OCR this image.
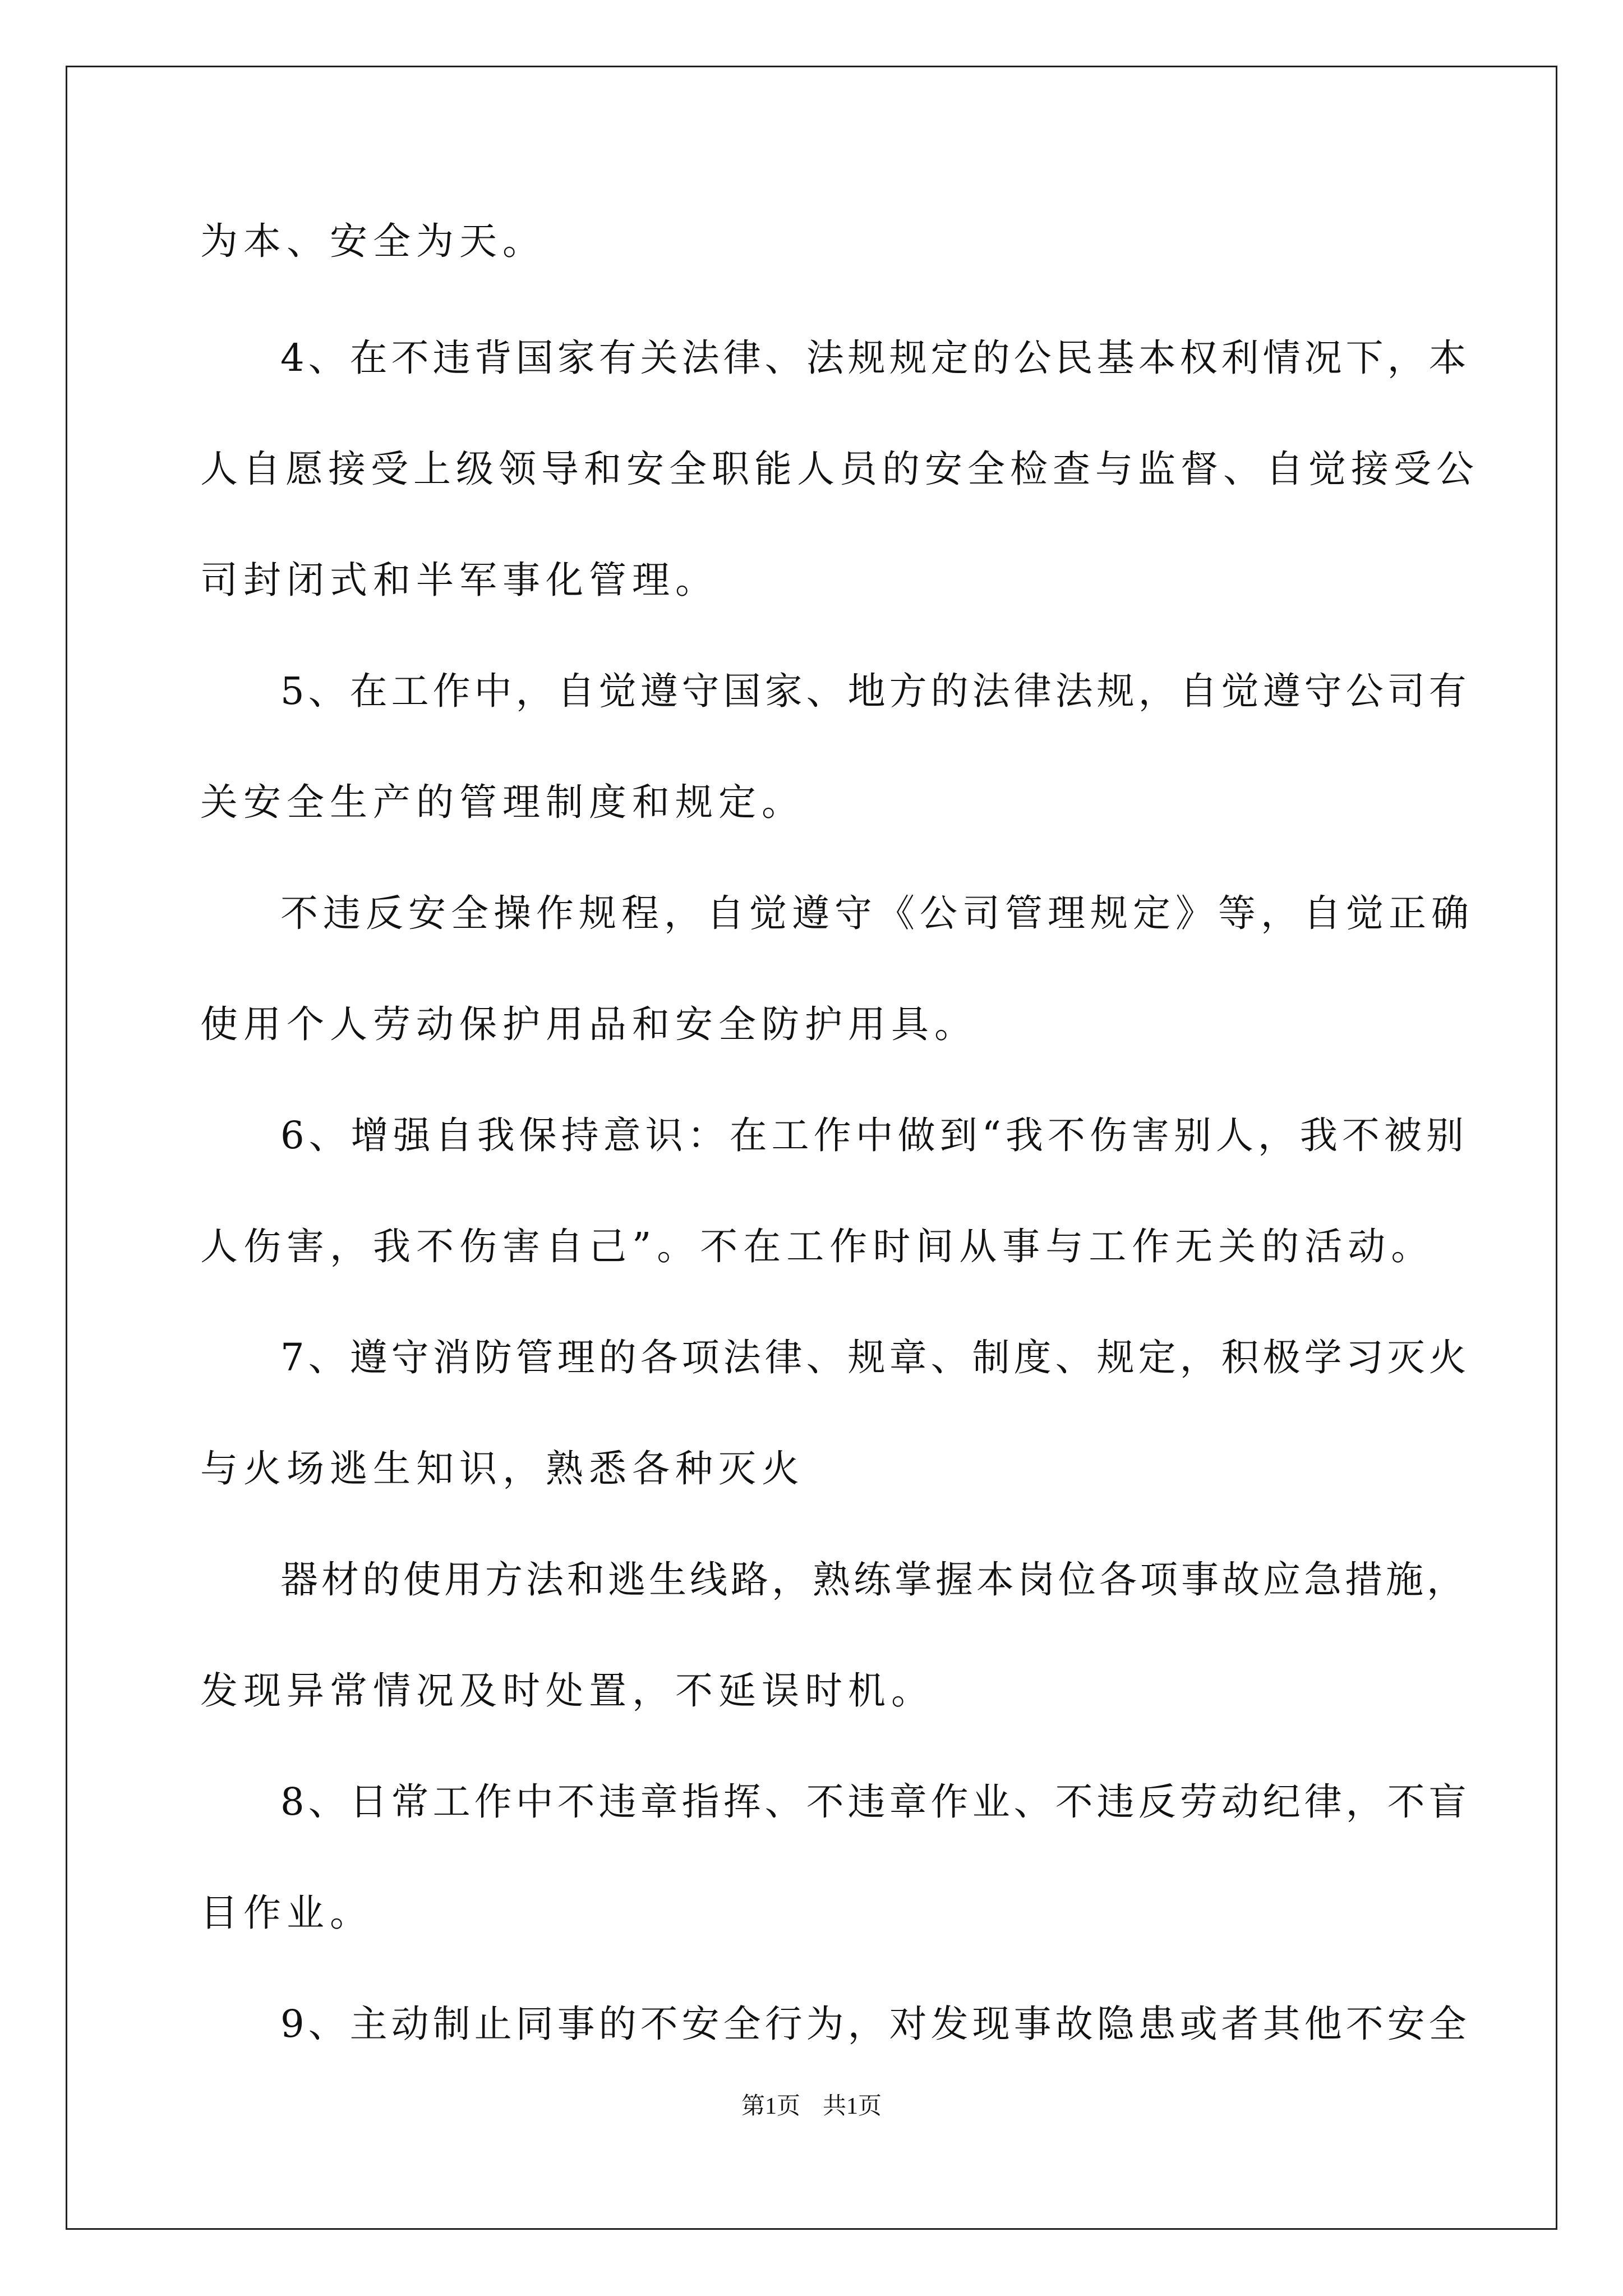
为本、安全为天。
4、在不违背国家有关法律、法规规定的公民基本权利情况下，本
人自愿接受上级领导和安全职能人员的安全检查与监督、自觉接受公
司封闭式和半军事化管理。
5、在工作中，自觉遵守国家、地方的法律法规，自觉遵守公司有
关安全生产的管理制度和规定。
不违反安全操作规程，自觉遵守《公司管理规定》等，自觉正确
使用个人劳动保护用品和安全防护用具。
6、增强自我保持意识：在工作中做到“我不伤害别人，我不被别
人伤害，我不伤害自己”。不在工作时间从事与工作无关的活动。
7、遵守消防管理的各项法律、规章、制度、规定，积极学习灭火
与火场逃生知识，熟悉各种灭火
器材的使用方法和逃生线路，熟练掌握本岗位各项事故应急措施，
发现异常情况及时处置，不延误时机。
8、日常工作中不违章指挥、不违章作业、不违反劳动纪律，不盲
目作业。
9、主动制止同事的不安全行为，对发现事故隐患或者其他不安全
第1页 共1页
